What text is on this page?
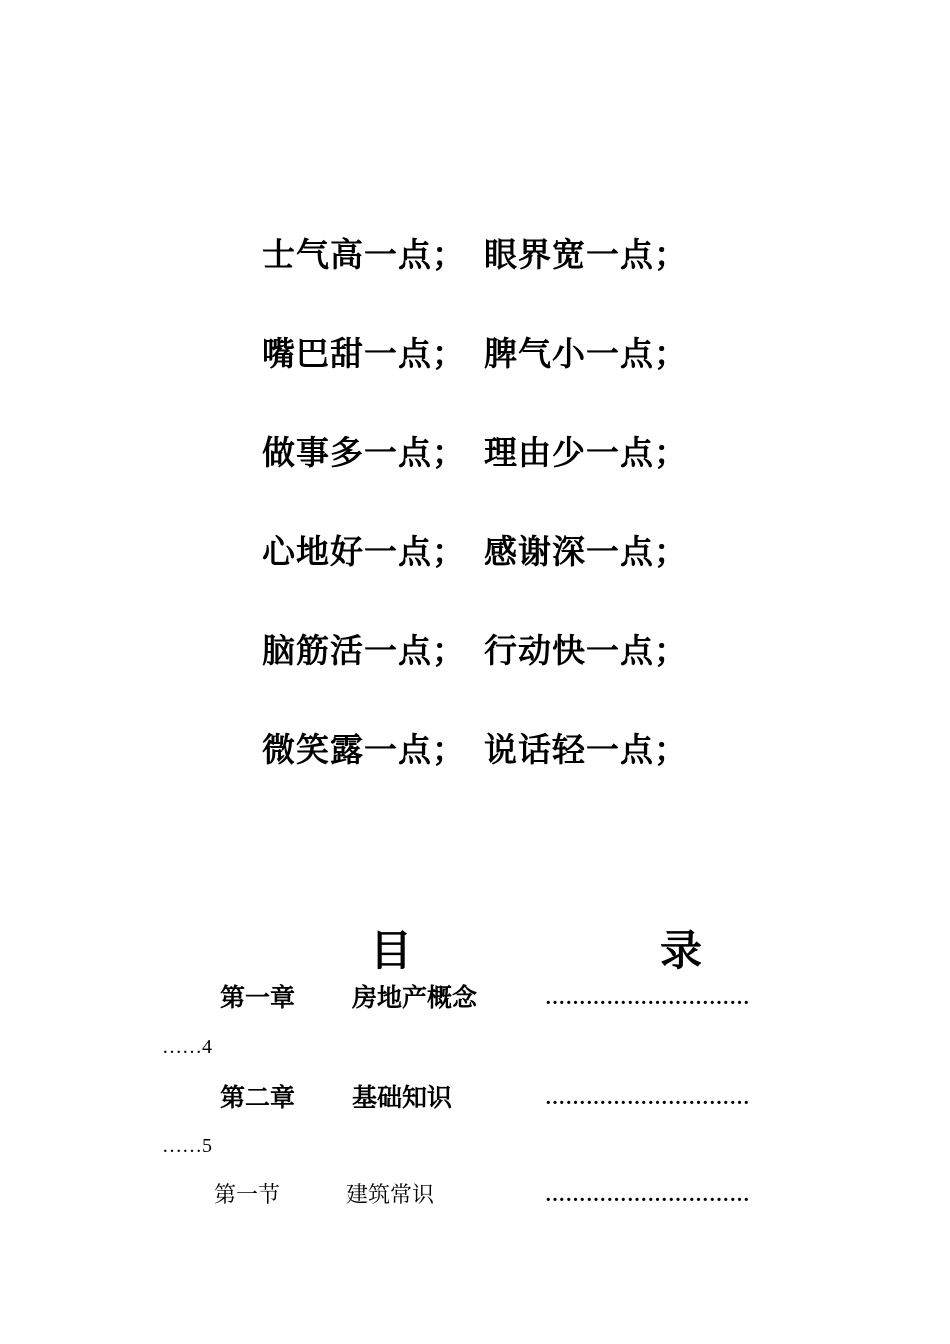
士气高一点； 眼界宽一点；
嘴巴甜一点； 脾气小一点；
做事多一点； 理由少一点；
心地好一点； 感谢深一点；
脑筋活一点； 行动快一点；
微笑露一点； 说话轻一点；
目	录
第一章 房地产概念	…………………………
……4
第二章 基础知识	…………………………
……5
第一节	建筑常识	…………………………
